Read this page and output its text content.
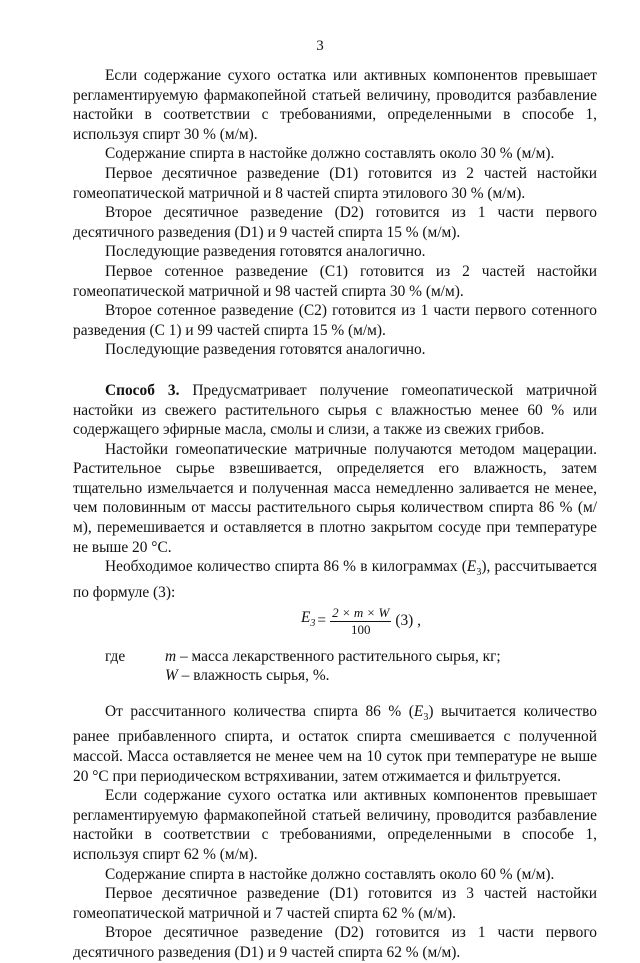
3

Если содержание сухого остатка или активных компонентов превышает регламентируемую фармакопейной статьей величину, проводится разбавление настойки в соответствии с требованиями, определенными в способе 1, используя спирт 30 % (м/м).

Содержание спирта в настойке должно составлять около 30 % (м/м).

Первое десятичное разведение (D1) готовится из 2 частей настойки гомеопатической матричной и 8 частей спирта этилового 30 % (м/м).

Второе десятичное разведение (D2) готовится из 1 части первого десятичного разведения (D1) и 9 частей спирта 15 % (м/м).

Последующие разведения готовятся аналогично.

Первое сотенное разведение (C1) готовится из 2 частей настойки гомеопатической матричной и 98 частей спирта 30 % (м/м).

Второе сотенное разведение (C2) готовится из 1 части первого сотенного разведения (C 1) и 99 частей спирта 15 % (м/м).

Последующие разведения готовятся аналогично.

Способ 3. Предусматривает получение гомеопатической матричной настойки из свежего растительного сырья с влажностью менее 60 % или содержащего эфирные масла, смолы и слизи, а также из свежих грибов.

Настойки гомеопатические матричные получаются методом мацерации. Растительное сырье взвешивается, определяется его влажность, затем тщательно измельчается и полученная масса немедленно заливается не менее, чем половинным от массы растительного сырья количеством спирта 86 % (м/м), перемешивается и оставляется в плотно закрытом сосуде при температуре не выше 20 °С.

Необходимое количество спирта 86 % в килограммах $(E_3)$, рассчитывается по формуле (3):

$E_3 = \frac{2 \times m \times W}{100} (3)$ ,
где	m – масса лекарственного растительного сырья, кг;
W – влажность сырья, %.

От рассчитанного количества спирта 86 % $(E_3)$ вычитается количество ранее прибавленного спирта, и остаток спирта смешивается с полученной массой. Масса оставляется не менее чем на 10 суток при температуре не выше 20 °С при периодическом встряхивании, затем отжимается и фильтруется.

Если содержание сухого остатка или активных компонентов превышает регламентируемую фармакопейной статьей величину, проводится разбавление настойки в соответствии с требованиями, определенными в способе 1, используя спирт 62 % (м/м).

Содержание спирта в настойке должно составлять около 60 % (м/м).

Первое десятичное разведение (D1) готовится из 3 частей настойки гомеопатической матричной и 7 частей спирта 62 % (м/м).

Второе десятичное разведение (D2) готовится из 1 части первого десятичного разведения (D1) и 9 частей спирта 62 % (м/м).
